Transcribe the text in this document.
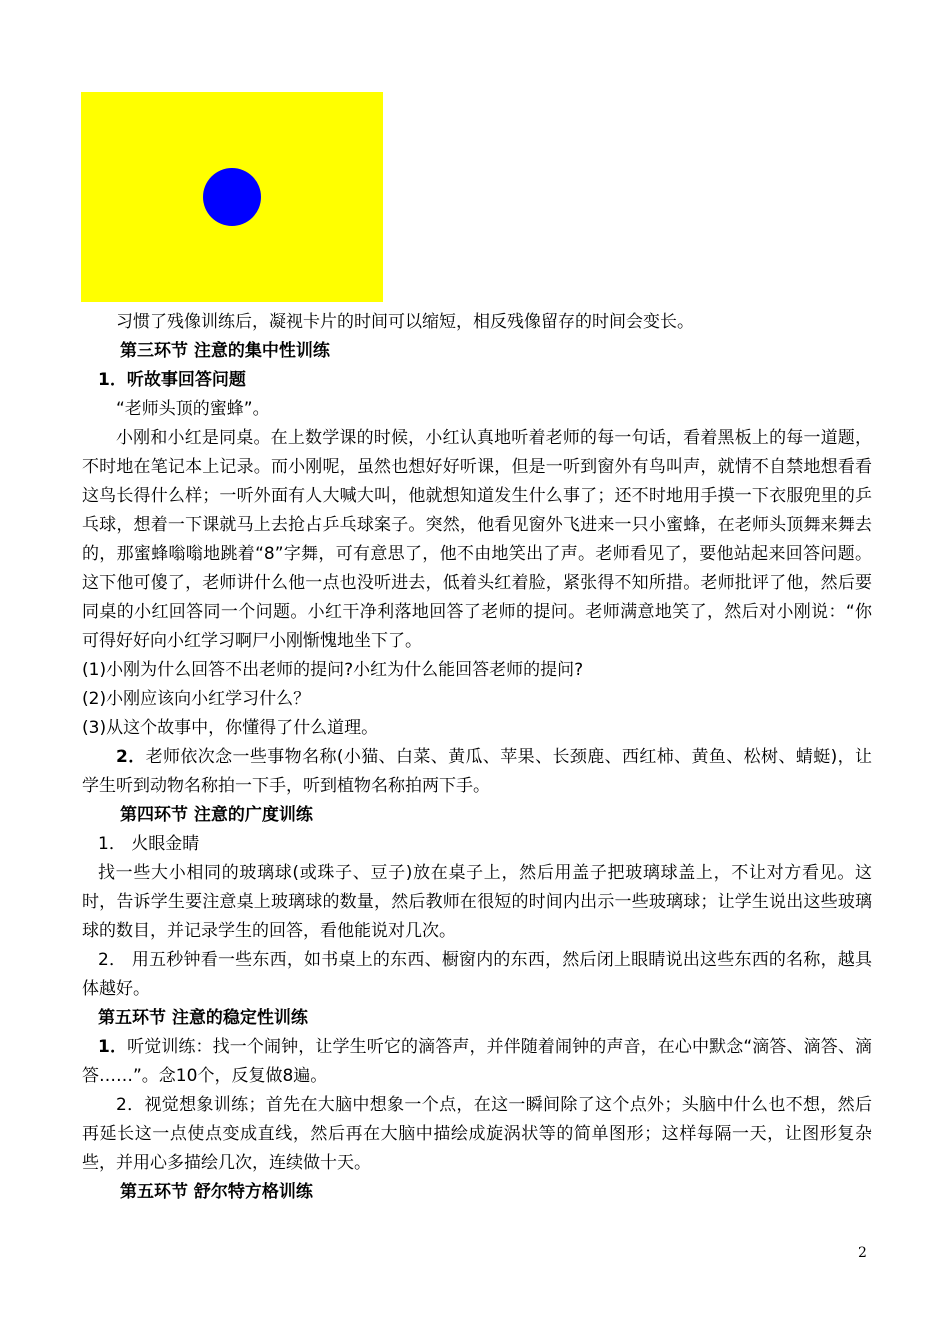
习惯了残像训练后，凝视卡片的时间可以缩短，相反残像留存的时间会变长。

第三环节 注意的集中性训练

1．听故事回答问题

“老师头顶的蜜蜂”。

小刚和小红是同桌。在上数学课的时候，小红认真地听着老师的每一句话，看着黑板上的每一道题，不时地在笔记本上记录。而小刚呢，虽然也想好好听课，但是一听到窗外有鸟叫声，就情不自禁地想看看这鸟长得什么样；一听外面有人大喊大叫，他就想知道发生什么事了；还不时地用手摸一下衣服兜里的乒乓球，想着一下课就马上去抢占乒乓球案子。突然，他看见窗外飞进来一只小蜜蜂，在老师头顶舞来舞去的，那蜜蜂嗡嗡地跳着“8”字舞，可有意思了，他不由地笑出了声。老师看见了，要他站起来回答问题。这下他可傻了，老师讲什么他一点也没听进去，低着头红着脸，紧张得不知所措。老师批评了他，然后要同桌的小红回答同一个问题。小红干净利落地回答了老师的提问。老师满意地笑了，然后对小刚说：“你可得好好向小红学习啊尸小刚惭愧地坐下了。

(1)小刚为什么回答不出老师的提问?小红为什么能回答老师的提问?

(2)小刚应该向小红学习什么？

(3)从这个故事中，你懂得了什么道理。

2．老师依次念一些事物名称(小猫、白菜、黄瓜、苹果、长颈鹿、西红柿、黄鱼、松树、蜻蜓)，让学生听到动物名称拍一下手，听到植物名称拍两下手。

第四环节 注意的广度训练

1． 火眼金睛

找一些大小相同的玻璃球(或珠子、豆子)放在桌子上，然后用盖子把玻璃球盖上，不让对方看见。这时，告诉学生要注意桌上玻璃球的数量，然后教师在很短的时间内出示一些玻璃球；让学生说出这些玻璃球的数目，并记录学生的回答，看他能说对几次。

2． 用五秒钟看一些东西，如书桌上的东西、橱窗内的东西，然后闭上眼睛说出这些东西的名称，越具体越好。

第五环节 注意的稳定性训练

1．听觉训练：找一个闹钟，让学生听它的滴答声，并伴随着闹钟的声音，在心中默念“滴答、滴答、滴答……”。念10个，反复做8遍。

2．视觉想象训练；首先在大脑中想象一个点，在这一瞬间除了这个点外；头脑中什么也不想，然后再延长这一点使点变成直线，然后再在大脑中描绘成旋涡状等的简单图形；这样每隔一天，让图形复杂些，并用心多描绘几次，连续做十天。

第五环节 舒尔特方格训练

2
